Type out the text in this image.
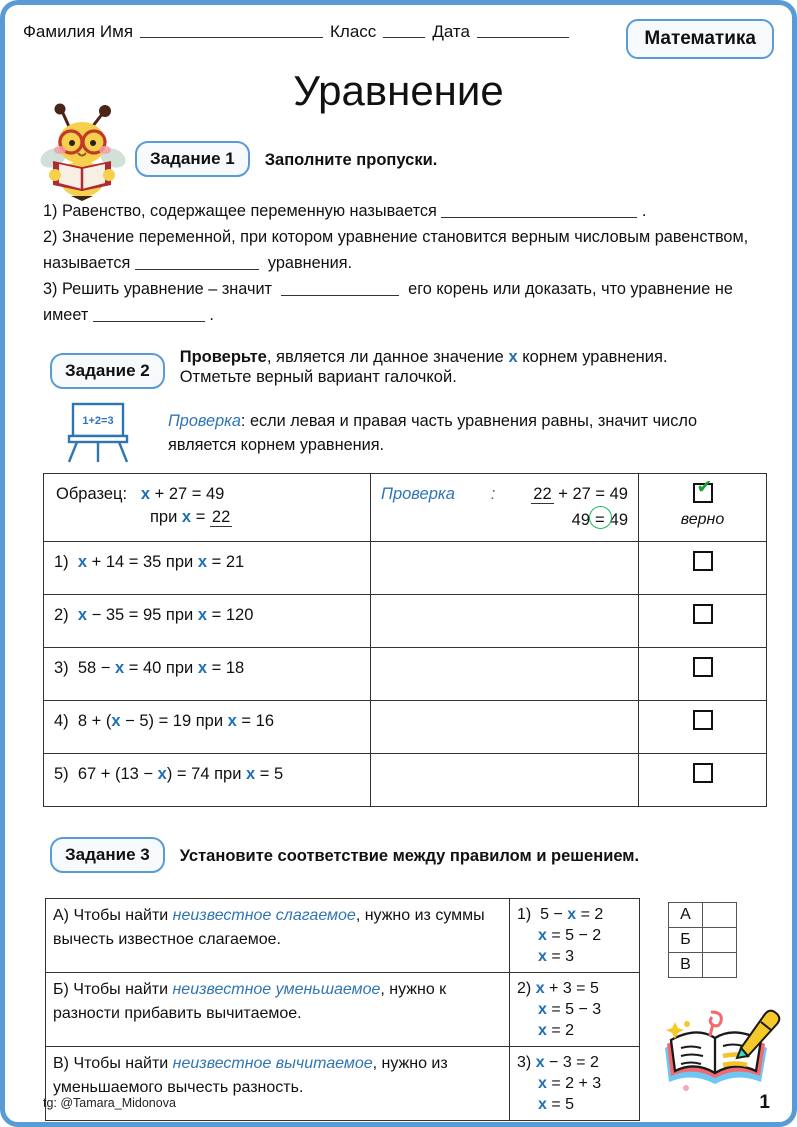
Фамилия Имя	Класс	Дата	Математика
Уравнение
Задание 1	Заполните пропуски.
1) Равенство, содержащее переменную называется	.
2) Значение переменной, при котором уравнение становится верным числовым равенством, называется	уравнения.
3) Решить уравнение – значит	его корень или доказать, что уравнение не имеет	.
Задание 2
Проверьте, является ли данное значение x корнем уравнения. Отметьте верный вариант галочкой.
1+2=3	Проверка: если левая и правая часть уравнения равны, значит число является корнем уравнения.
Образец: x + 27 = 49
при x = 22

Проверка : 22 + 27 = 49
49 = 49
	✔верно

1) x + 14 = 35 при x = 21		

2) x − 35 = 95 при x = 120		

3)  58 − x = 40 при x = 18		

4)  8 + (x − 5) = 19 при x = 16		

5)  67 + (13 − x) = 74 при x = 5		

Задание 3	Установите соответствие между правилом и решением.
А) Чтобы найти неизвестное слагаемое, нужно из суммы вычесть известное слагаемое.	1)  5 − x = 2
x = 5 − 2
x = 3

Б) Чтобы найти неизвестное уменьшаемое, нужно к разности прибавить вычитаемое.	2) x + 3 = 5
x = 5 − 3
x = 2

В) Чтобы найти неизвестное вычитаемое, нужно из уменьшаемого вычесть разность.	3) x − 3 = 2
x = 2 + 3
x = 5
А	
Б	
В	
tg: @Tamara_Midonova	1
